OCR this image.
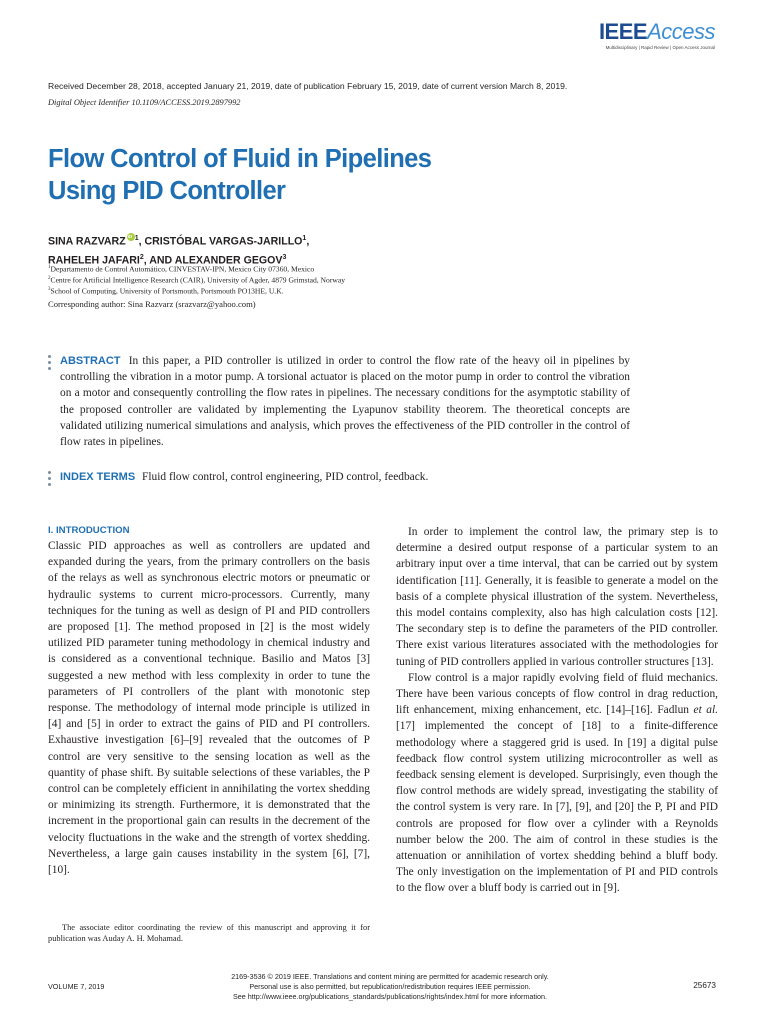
IEEEAccess
Multidisciplinary | Rapid Review | Open Access Journal
Received December 28, 2018, accepted January 21, 2019, date of publication February 15, 2019, date of current version March 8, 2019.
Digital Object Identifier 10.1109/ACCESS.2019.2897992
Flow Control of Fluid in Pipelines
Using PID Controller
SINA RAZVARZiD $^1$, CRISTÓBAL VARGAS-JARILLO$^1$,
RAHELEH JAFARI$^2$, AND ALEXANDER GEGOV$^3$
$^1$Departamento de Control Automático, CINVESTAV-IPN, Mexico City 07360, Mexico
$^2$Centre for Artificial Intelligence Research (CAIR), University of Agder, 4879 Grimstad, Norway
$^3$School of Computing, University of Portsmouth, Portsmouth PO13HE, U.K.
Corresponding author: Sina Razvarz (srazvarz@yahoo.com)
ABSTRACT In this paper, a PID controller is utilized in order to control the flow rate of the heavy oil in pipelines by controlling the vibration in a motor pump. A torsional actuator is placed on the motor pump in order to control the vibration on a motor and consequently controlling the flow rates in pipelines. The necessary conditions for the asymptotic stability of the proposed controller are validated by implementing the Lyapunov stability theorem. The theoretical concepts are validated utilizing numerical simulations and analysis, which proves the effectiveness of the PID controller in the control of flow rates in pipelines.
INDEX TERMS Fluid flow control, control engineering, PID control, feedback.
I. INTRODUCTION

Classic PID approaches as well as controllers are updated and expanded during the years, from the primary controllers on the basis of the relays as well as synchronous electric motors or pneumatic or hydraulic systems to current micro-processors. Currently, many techniques for the tuning as well as design of PI and PID controllers are proposed [1]. The method proposed in [2] is the most widely utilized PID parameter tuning methodology in chemical industry and is considered as a conventional technique. Basilio and Matos [3] suggested a new method with less complexity in order to tune the parameters of PI controllers of the plant with monotonic step response. The methodology of internal mode principle is utilized in [4] and [5] in order to extract the gains of PID and PI controllers. Exhaustive investigation [6]–[9] revealed that the outcomes of P control are very sensitive to the sensing location as well as the quantity of phase shift. By suitable selections of these variables, the P control can be completely efficient in annihilating the vortex shedding or minimizing its strength. Furthermore, it is demonstrated that the increment in the proportional gain can results in the decrement of the velocity fluctuations in the wake and the strength of vortex shedding. Nevertheless, a large gain causes instability in the system [6], [7], [10].

In order to implement the control law, the primary step is to determine a desired output response of a particular system to an arbitrary input over a time interval, that can be carried out by system identification [11]. Generally, it is feasible to generate a model on the basis of a complete physical illustration of the system. Nevertheless, this model contains complexity, also has high calculation costs [12]. The secondary step is to define the parameters of the PID controller. There exist various literatures associated with the methodologies for tuning of PID controllers applied in various controller structures [13].

Flow control is a major rapidly evolving field of fluid mechanics. There have been various concepts of flow control in drag reduction, lift enhancement, mixing enhancement, etc. [14]–[16]. Fadlun et al. [17] implemented the concept of [18] to a finite-difference methodology where a staggered grid is used. In [19] a digital pulse feedback flow control system utilizing microcontroller as well as feedback sensing element is developed. Surprisingly, even though the flow control methods are widely spread, investigating the stability of the control system is very rare. In [7], [9], and [20] the P, PI and PID controls are proposed for flow over a cylinder with a Reynolds number below the 200. The aim of control in these studies is the attenuation or annihilation of vortex shedding behind a bluff body. The only investigation on the implementation of PI and PID controls to the flow over a bluff body is carried out in [9].

The associate editor coordinating the review of this manuscript and approving it for publication was Auday A. H. Mohamad.
VOLUME 7, 2019
2169-3536 © 2019 IEEE. Translations and content mining are permitted for academic research only.
Personal use is also permitted, but republication/redistribution requires IEEE permission.
See http://www.ieee.org/publications_standards/publications/rights/index.html for more information.
25673
